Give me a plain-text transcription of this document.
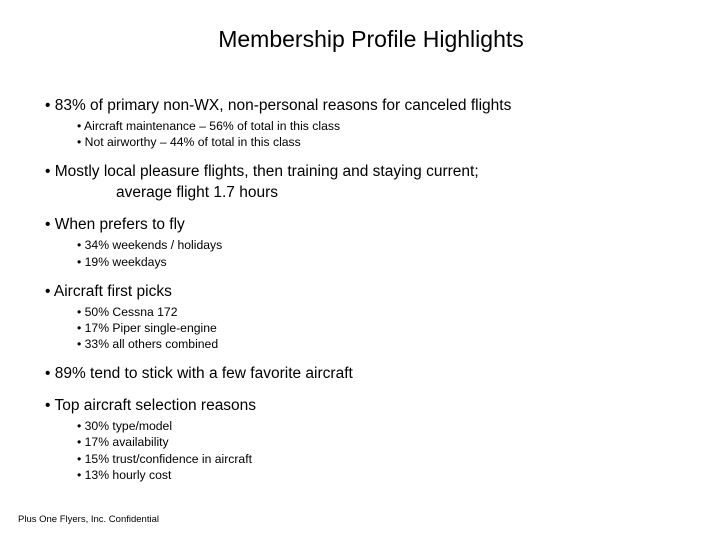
Membership Profile Highlights
• 83% of primary non-WX, non-personal reasons for canceled flights
• Aircraft maintenance – 56% of total in this class
• Not airworthy – 44% of total in this class
• Mostly local pleasure flights, then training and staying current;
average flight 1.7 hours
• When prefers to fly
• 34% weekends / holidays
• 19% weekdays
• Aircraft first picks
• 50% Cessna 172
• 17% Piper single-engine
• 33% all others combined
• 89% tend to stick with a few favorite aircraft
• Top aircraft selection reasons
• 30% type/model
• 17% availability
• 15% trust/confidence in aircraft
• 13% hourly cost
Plus One Flyers, Inc. Confidential
